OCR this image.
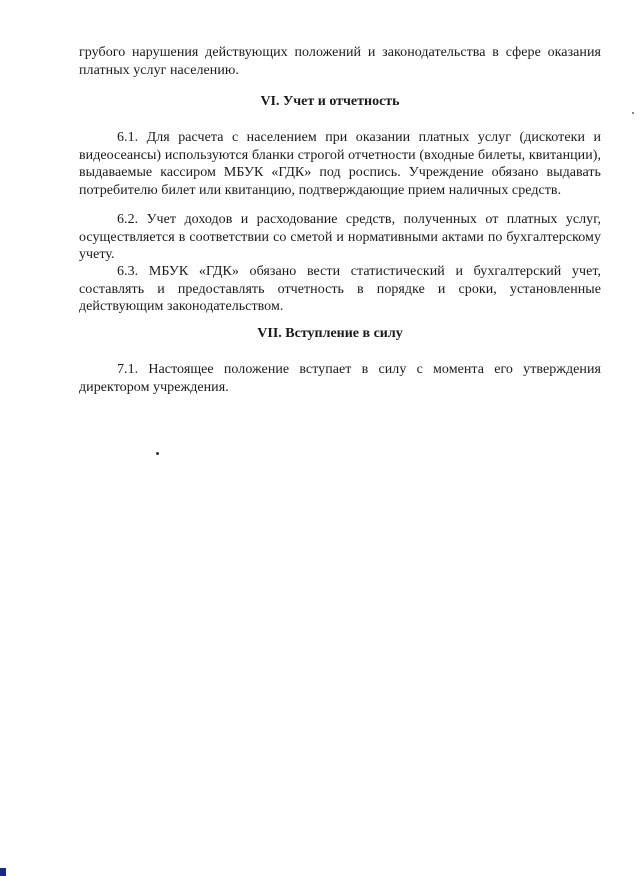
грубого нарушения действующих положений и законодательства в сфере оказания платных услуг населению.

VI. Учет и отчетность

6.1. Для расчета с населением при оказании платных услуг (дискотеки и видеосеансы) используются бланки строгой отчетности (входные билеты, квитанции), выдаваемые кассиром МБУК «ГДК» под роспись. Учреждение обязано выдавать потребителю билет или квитанцию, подтверждающие прием наличных средств.

6.2. Учет доходов и расходование средств, полученных от платных услуг, осуществляется в соответствии со сметой и нормативными актами по бухгалтерскому учету.

6.3. МБУК «ГДК» обязано вести статистический и бухгалтерский учет, составлять и предоставлять отчетность в порядке и сроки, установленные действующим законодательством.

VII. Вступление в силу

7.1. Настоящее положение вступает в силу с момента его утверждения директором учреждения.
